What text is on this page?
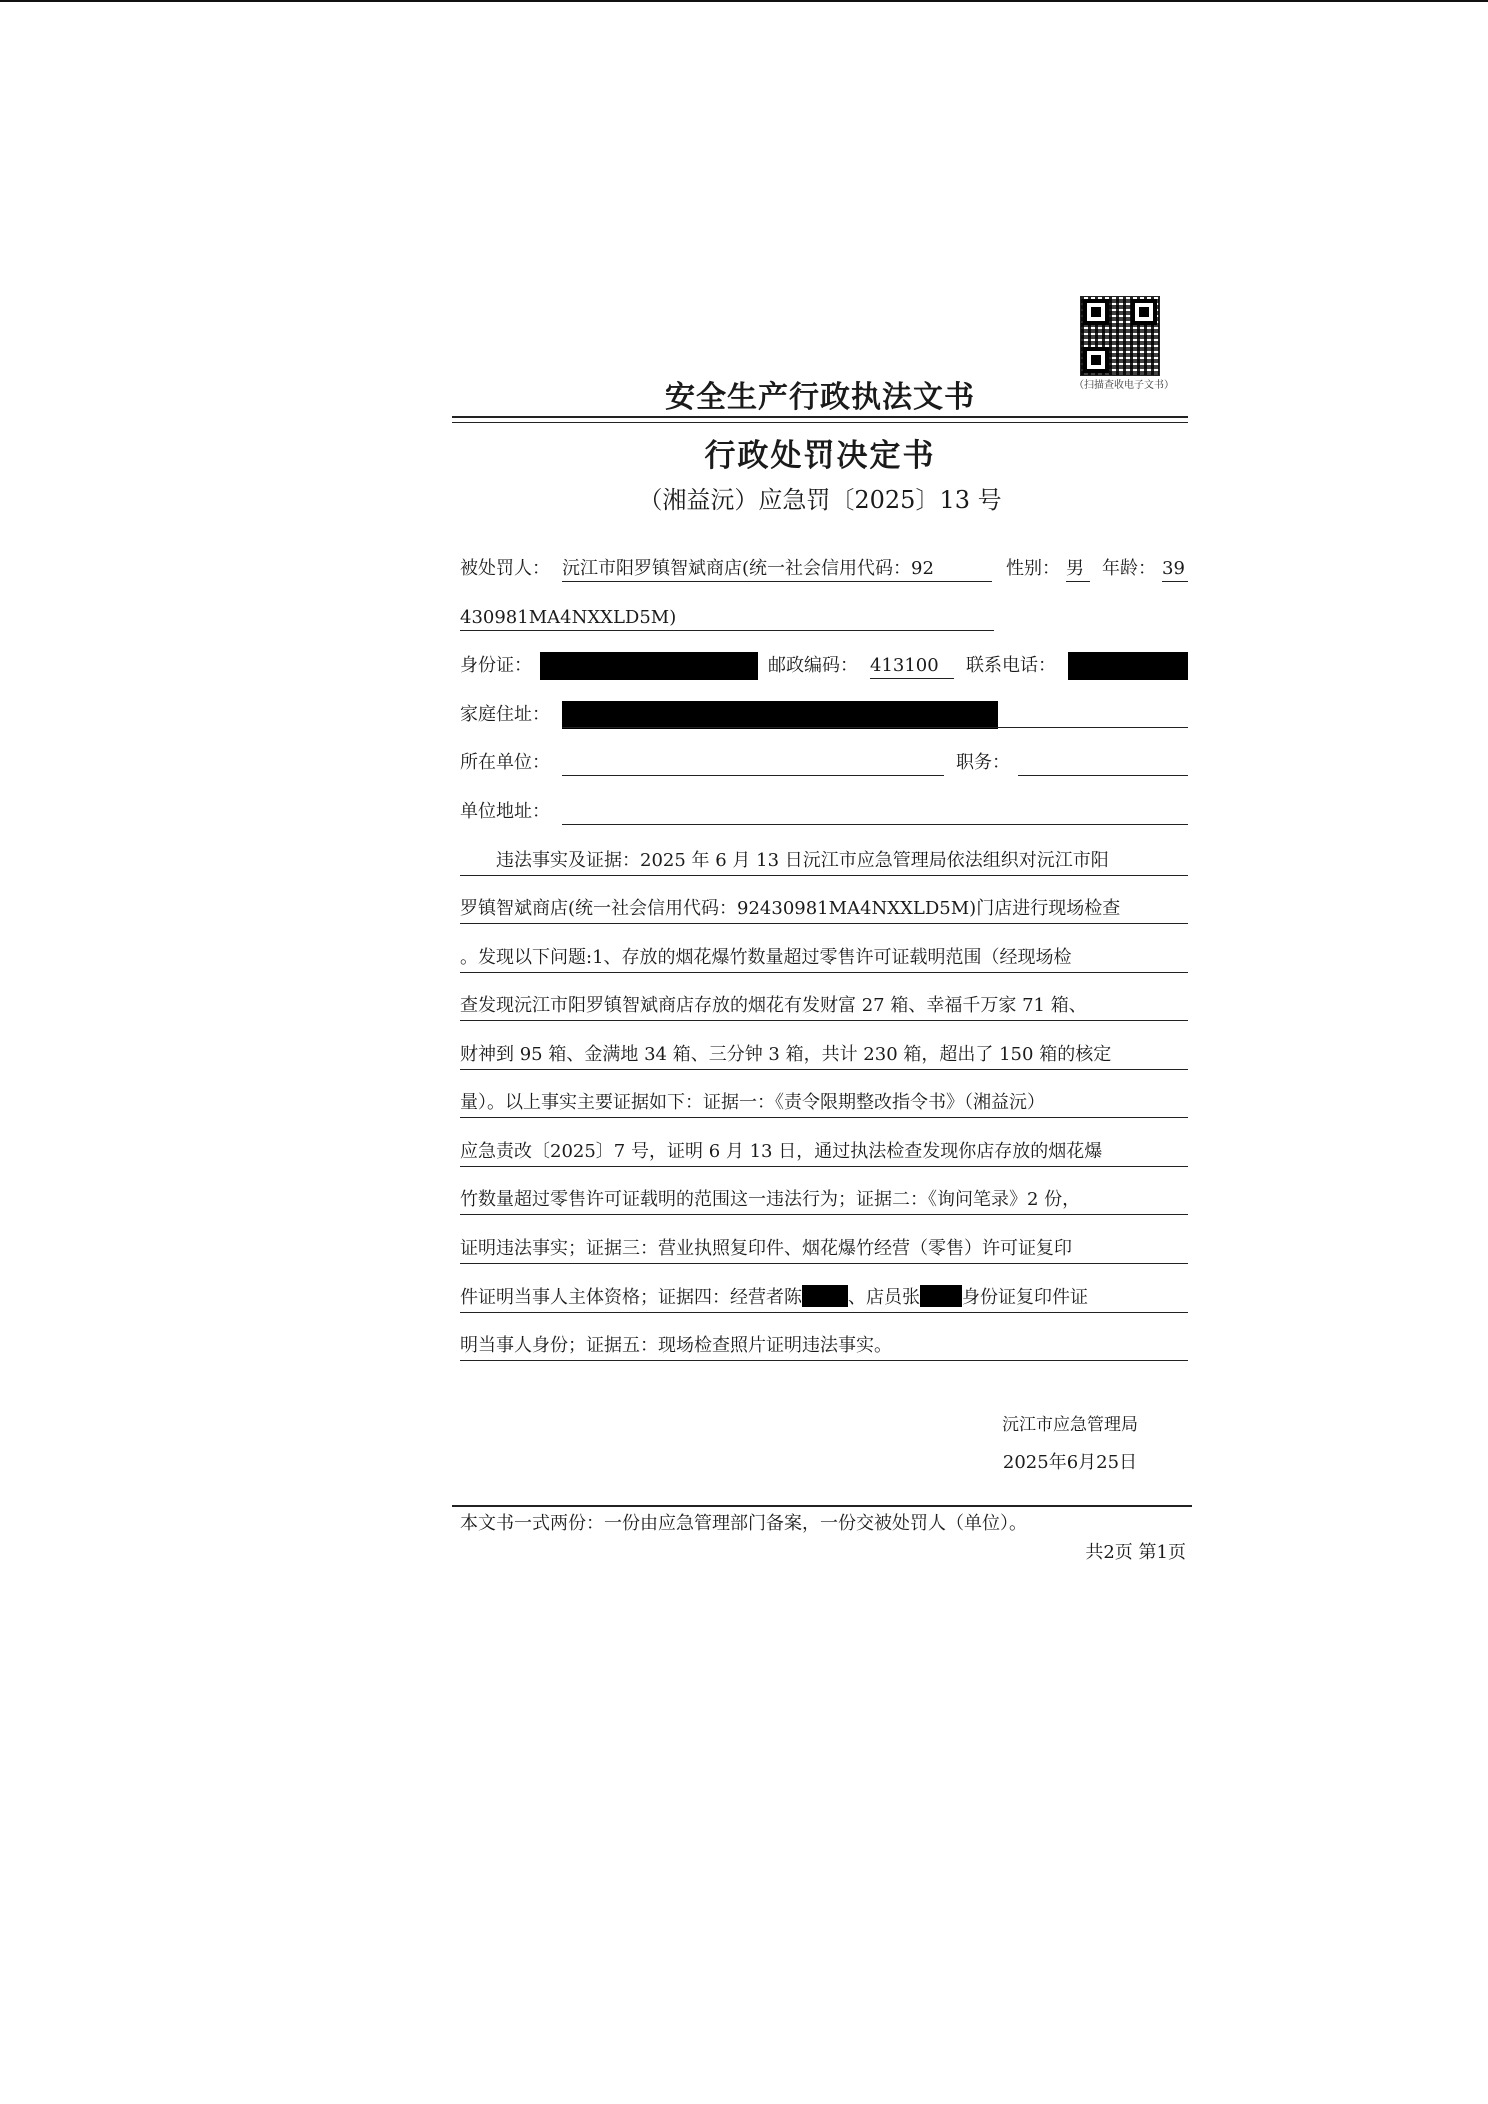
（扫描查收电子文书）
安全生产行政执法文书
行政处罚决定书
（湘益沅）应急罚〔2025〕13 号
被处罚人： 沅江市阳罗镇智斌商店(统一社会信用代码：92	性别： 男	年龄： 39
430981MA4NXXLD5M)
身份证：	邮政编码： 413100	联系电话：
家庭住址：
所在单位：	职务：
单位地址：
违法事实及证据：2025 年 6 月 13 日沅江市应急管理局依法组织对沅江市阳
罗镇智斌商店(统一社会信用代码：92430981MA4NXXLD5M)门店进行现场检查
。发现以下问题:1、存放的烟花爆竹数量超过零售许可证载明范围（经现场检
查发现沅江市阳罗镇智斌商店存放的烟花有发财富 27 箱、幸福千万家 71 箱、
财神到 95 箱、金满地 34 箱、三分钟 3 箱，共计 230 箱，超出了 150 箱的核定
量）。以上事实主要证据如下：证据一：《责令限期整改指令书》（湘益沅）
应急责改〔2025〕7 号，证明 6 月 13 日，通过执法检查发现你店存放的烟花爆
竹数量超过零售许可证载明的范围这一违法行为；证据二：《询问笔录》2 份，
证明违法事实；证据三：营业执照复印件、烟花爆竹经营（零售）许可证复印
件证明当事人主体资格；证据四：经营者陈	、店员张 身份证复印件证
明当事人身份；证据五：现场检查照片证明违法事实。
沅江市应急管理局
2025年6月25日
本文书一式两份：一份由应急管理部门备案，一份交被处罚人（单位）。
共2页 第1页
